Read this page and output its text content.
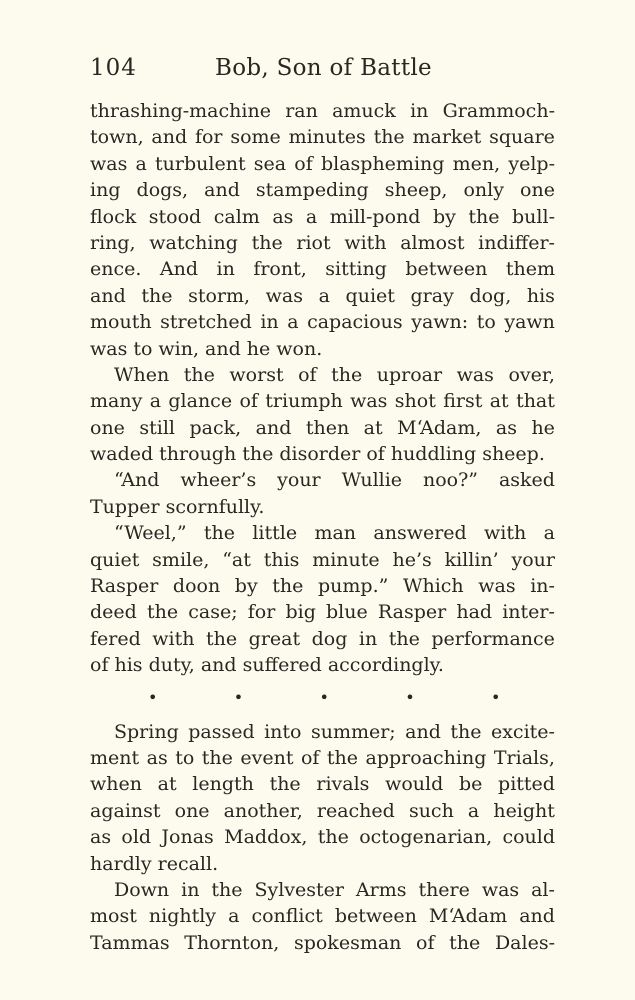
104	Bob, Son of Battle
thrashing-machine ran amuck in Grammoch-
town, and for some minutes the market square
was a turbulent sea of blaspheming men, yelp-
ing dogs, and stampeding sheep, only one
flock stood calm as a mill-pond by the bull-
ring, watching the riot with almost indiffer-
ence. And in front, sitting between them
and the storm, was a quiet gray dog, his
mouth stretched in a capacious yawn: to yawn
was to win, and he won.
When the worst of the uproar was over,
many a glance of triumph was shot first at that
one still pack, and then at M‘Adam, as he
waded through the disorder of huddling sheep.
“And wheer’s your Wullie noo?” asked
Tupper scornfully.
“Weel,” the little man answered with a
quiet smile, “at this minute he’s killin’ your
Rasper doon by the pump.” Which was in-
deed the case; for big blue Rasper had inter-
fered with the great dog in the performance
of his duty, and suffered accordingly.
•	•	•	•	•
Spring passed into summer; and the excite-
ment as to the event of the approaching Trials,
when at length the rivals would be pitted
against one another, reached such a height
as old Jonas Maddox, the octogenarian, could
hardly recall.
Down in the Sylvester Arms there was al-
most nightly a conflict between M‘Adam and
Tammas Thornton, spokesman of the Dales-
